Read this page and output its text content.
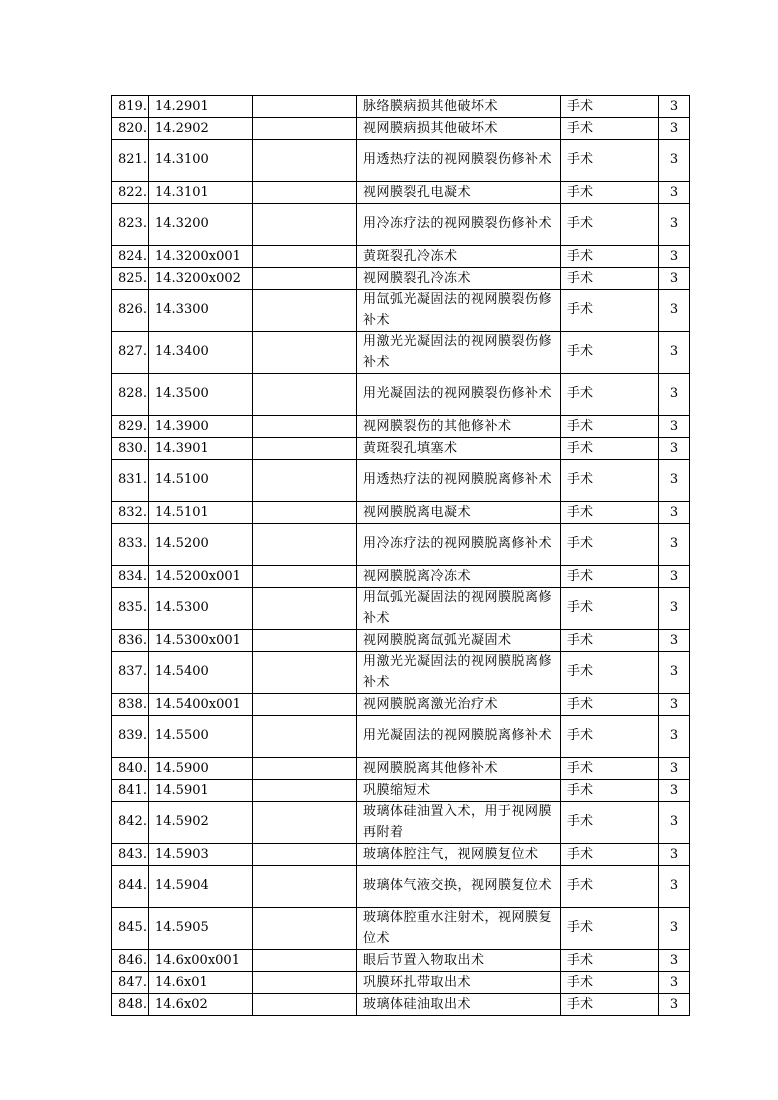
819.	14.2901		脉络膜病损其他破坏术	手术	3
820.	14.2902		视网膜病损其他破坏术	手术	3
821.	14.3100		用透热疗法的视网膜裂伤修补术	手术	3
822.	14.3101		视网膜裂孔电凝术	手术	3
823.	14.3200		用冷冻疗法的视网膜裂伤修补术	手术	3
824.	14.3200x001		黄斑裂孔冷冻术	手术	3
825.	14.3200x002		视网膜裂孔冷冻术	手术	3
826.	14.3300		用氙弧光凝固法的视网膜裂伤修补术	手术	3
827.	14.3400		用激光光凝固法的视网膜裂伤修补术	手术	3
828.	14.3500		用光凝固法的视网膜裂伤修补术	手术	3
829.	14.3900		视网膜裂伤的其他修补术	手术	3
830.	14.3901		黄斑裂孔填塞术	手术	3
831.	14.5100		用透热疗法的视网膜脱离修补术	手术	3
832.	14.5101		视网膜脱离电凝术	手术	3
833.	14.5200		用冷冻疗法的视网膜脱离修补术	手术	3
834.	14.5200x001		视网膜脱离冷冻术	手术	3
835.	14.5300		用氙弧光凝固法的视网膜脱离修补术	手术	3
836.	14.5300x001		视网膜脱离氙弧光凝固术	手术	3
837.	14.5400		用激光光凝固法的视网膜脱离修补术	手术	3
838.	14.5400x001		视网膜脱离激光治疗术	手术	3
839.	14.5500		用光凝固法的视网膜脱离修补术	手术	3
840.	14.5900		视网膜脱离其他修补术	手术	3
841.	14.5901		巩膜缩短术	手术	3
842.	14.5902		玻璃体硅油置入术，用于视网膜再附着	手术	3
843.	14.5903		玻璃体腔注气，视网膜复位术	手术	3
844.	14.5904		玻璃体气液交换，视网膜复位术	手术	3
845.	14.5905		玻璃体腔重水注射术，视网膜复位术	手术	3
846.	14.6x00x001		眼后节置入物取出术	手术	3
847.	14.6x01		巩膜环扎带取出术	手术	3
848.	14.6x02		玻璃体硅油取出术	手术	3
